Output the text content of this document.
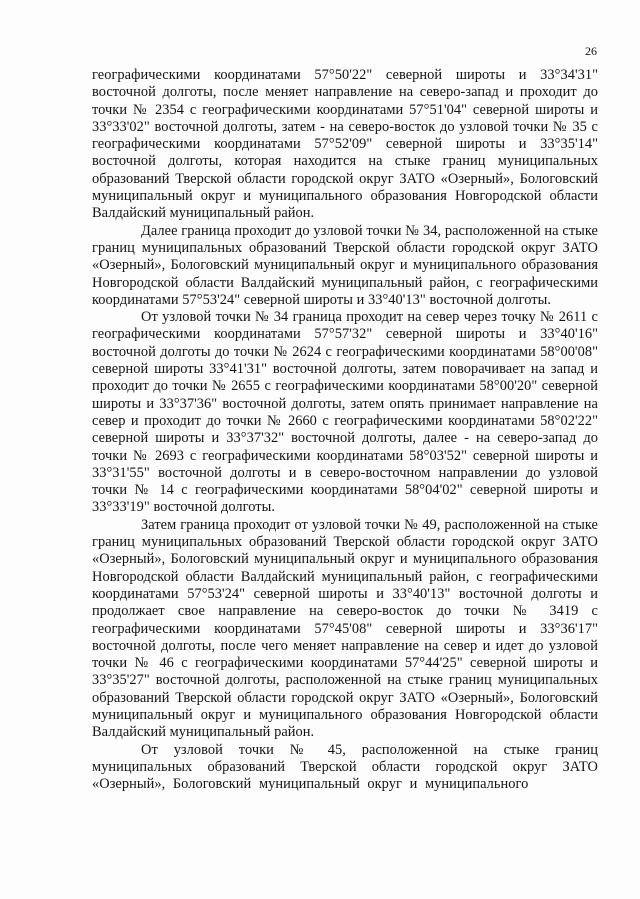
26

географическими координатами 57°50'22" северной широты и 33°34'31" восточной долготы, после меняет направление на северо-запад и проходит до точки № 2354 с географическими координатами 57°51'04" северной широты и 33°33'02" восточной долготы, затем - на северо-восток до узловой точки № 35 с географическими координатами 57°52'09" северной широты и 33°35'14" восточной долготы, которая находится на стыке границ муниципальных образований Тверской области городской округ ЗАТО «Озерный», Бологовский муниципальный округ и муниципального образования Новгородской области Валдайский муниципальный район.

Далее граница проходит до узловой точки № 34, расположенной на стыке границ муниципальных образований Тверской области городской округ ЗАТО «Озерный», Бологовский муниципальный округ и муниципального образования Новгородской области Валдайский муниципальный район, с географическими координатами 57°53'24" северной широты и 33°40'13" восточной долготы.

От узловой точки № 34 граница проходит на север через точку № 2611 с географическими координатами 57°57'32" северной широты и 33°40'16" восточной долготы до точки № 2624 с географическими координатами 58°00'08" северной широты 33°41'31" восточной долготы, затем поворачивает на запад и проходит до точки № 2655 с географическими координатами 58°00'20" северной широты и 33°37'36" восточной долготы, затем опять принимает направление на север и проходит до точки № 2660 с географическими координатами 58°02'22" северной широты и 33°37'32" восточной долготы, далее - на северо-запад до точки № 2693 с географическими координатами 58°03'52" северной широты и 33°31'55" восточной долготы и в северо-восточном направлении до узловой точки № 14 с географическими координатами 58°04'02" северной широты и 33°33'19" восточной долготы.

Затем граница проходит от узловой точки № 49, расположенной на стыке границ муниципальных образований Тверской области городской округ ЗАТО «Озерный», Бологовский муниципальный округ и муниципального образования Новгородской области Валдайский муниципальный район, с географическими координатами 57°53'24" северной широты и 33°40'13" восточной долготы и продолжает свое направление на северо-восток до точки № 3419 с географическими координатами 57°45'08" северной широты и 33°36'17" восточной долготы, после чего меняет направление на север и идет до узловой точки № 46 с географическими координатами 57°44'25" северной широты и 33°35'27" восточной долготы, расположенной на стыке границ муниципальных образований Тверской области городской округ ЗАТО «Озерный», Бологовский муниципальный округ и муниципального образования Новгородской области Валдайский муниципальный район.

От узловой точки № 45, расположенной на стыке границ муниципальных образований Тверской области городской округ ЗАТО «Озерный», Бологовский муниципальный округ и муниципального
